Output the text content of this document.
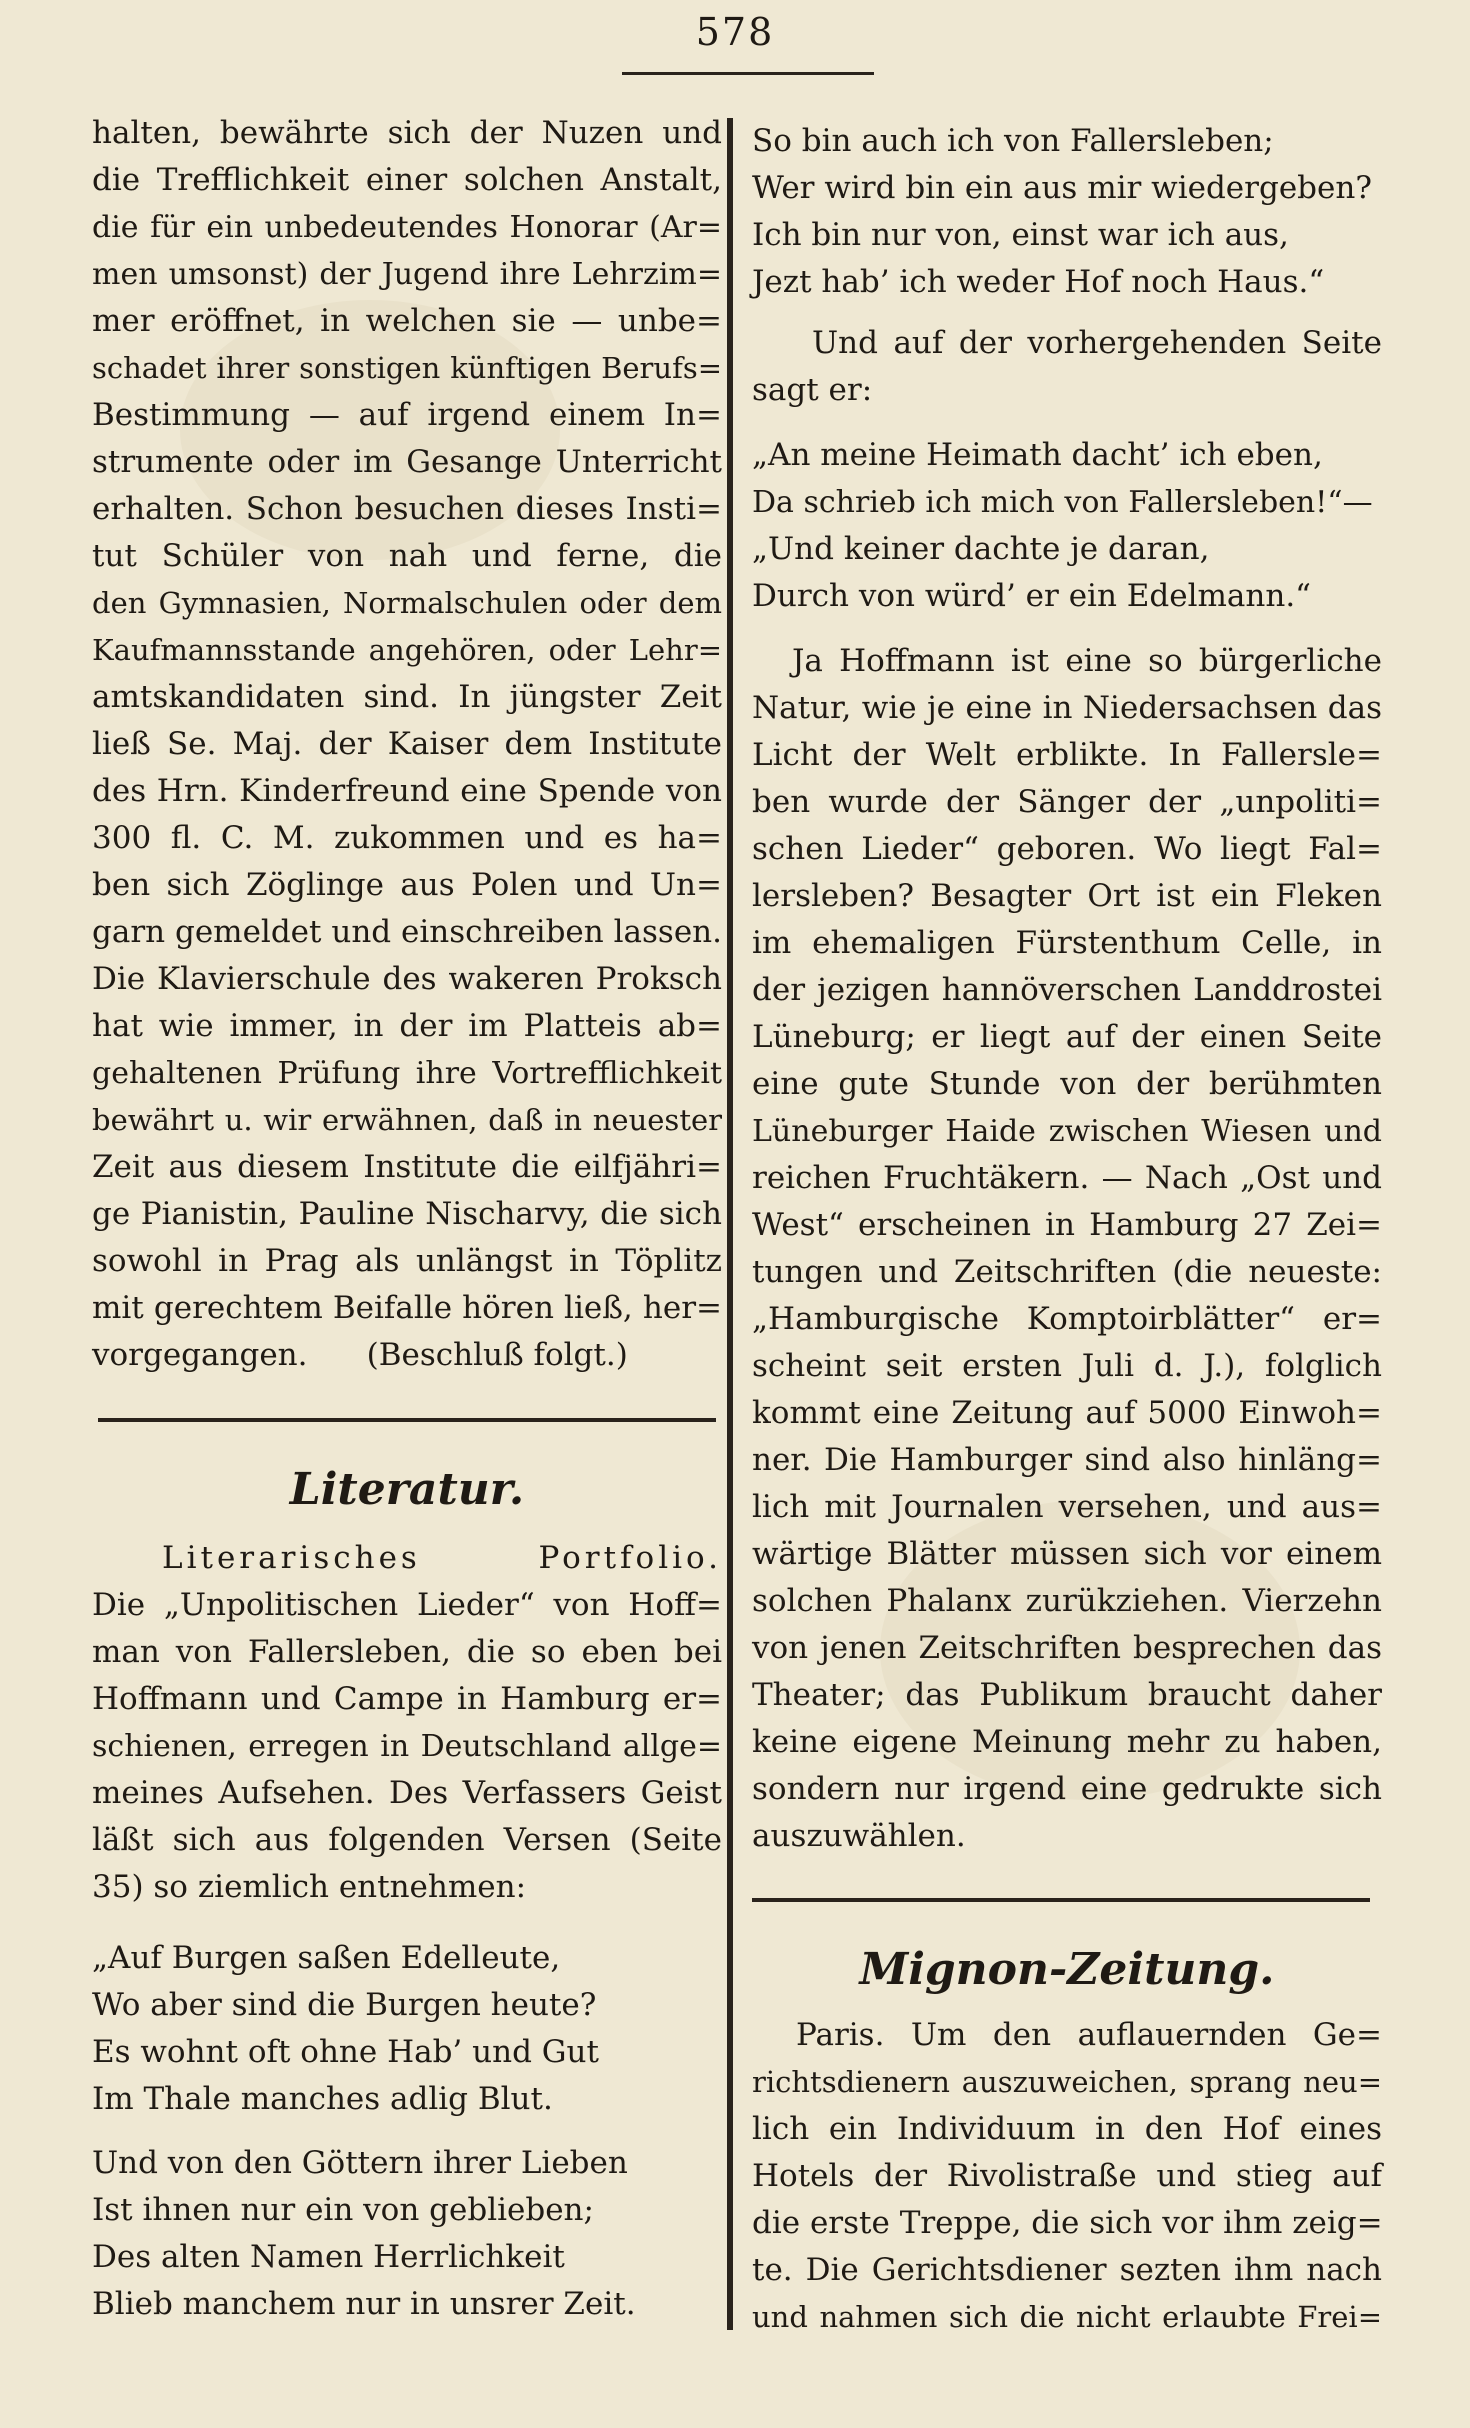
578
halten, bewährte sich der Nuzen und
die Trefflichkeit einer solchen Anstalt,
die für ein unbedeutendes Honorar (Ar=
men umsonst) der Jugend ihre Lehrzim=
mer eröffnet, in welchen sie — unbe=
schadet ihrer sonstigen künftigen Berufs=
Bestimmung — auf irgend einem In=
strumente oder im Gesange Unterricht
erhalten. Schon besuchen dieses Insti=
tut Schüler von nah und ferne, die
den Gymnasien, Normalschulen oder dem
Kaufmannsstande angehören, oder Lehr=
amtskandidaten sind. In jüngster Zeit
ließ Se. Maj. der Kaiser dem Institute
des Hrn. Kinderfreund eine Spende von
300 fl. C. M. zukommen und es ha=
ben sich Zöglinge aus Polen und Un=
garn gemeldet und einschreiben lassen.
Die Klavierschule des wakeren Proksch
hat wie immer, in der im Platteis ab=
gehaltenen Prüfung ihre Vortrefflichkeit
bewährt u. wir erwähnen, daß in neuester
Zeit aus diesem Institute die eilfjähri=
ge Pianistin, Pauline Nischarvy, die sich
sowohl in Prag als unlängst in Töplitz
mit gerechtem Beifalle hören ließ, her=
vorgegangen.      (Beschluß folgt.)
Literatur.
Literarisches Portfolio.
Die „Unpolitischen Lieder“ von Hoff=
man von Fallersleben, die so eben bei
Hoffmann und Campe in Hamburg er=
schienen, erregen in Deutschland allge=
meines Aufsehen. Des Verfassers Geist
läßt sich aus folgenden Versen (Seite
35) so ziemlich entnehmen:
„Auf Burgen saßen Edelleute,
Wo aber sind die Burgen heute?
Es wohnt oft ohne Hab’ und Gut
Im Thale manches adlig Blut.
Und von den Göttern ihrer Lieben
Ist ihnen nur ein von geblieben;
Des alten Namen Herrlichkeit
Blieb manchem nur in unsrer Zeit.
So bin auch ich von Fallersleben;
Wer wird bin ein aus mir wiedergeben?
Ich bin nur von, einst war ich aus,
Jezt hab’ ich weder Hof noch Haus.“
Und auf der vorhergehenden Seite
sagt er:
„An meine Heimath dacht’ ich eben,
Da schrieb ich mich von Fallersleben!“—
„Und keiner dachte je daran,
Durch von würd’ er ein Edelmann.“
Ja Hoffmann ist eine so bürgerliche
Natur, wie je eine in Niedersachsen das
Licht der Welt erblikte. In Fallersle=
ben wurde der Sänger der „unpoliti=
schen Lieder“ geboren. Wo liegt Fal=
lersleben? Besagter Ort ist ein Fleken
im ehemaligen Fürstenthum Celle, in
der jezigen hannöverschen Landdrostei
Lüneburg; er liegt auf der einen Seite
eine gute Stunde von der berühmten
Lüneburger Haide zwischen Wiesen und
reichen Fruchtäkern. — Nach „Ost und
West“ erscheinen in Hamburg 27 Zei=
tungen und Zeitschriften (die neueste:
„Hamburgische Komptoirblätter“ er=
scheint seit ersten Juli d. J.), folglich
kommt eine Zeitung auf 5000 Einwoh=
ner. Die Hamburger sind also hinläng=
lich mit Journalen versehen, und aus=
wärtige Blätter müssen sich vor einem
solchen Phalanx zurükziehen. Vierzehn
von jenen Zeitschriften besprechen das
Theater; das Publikum braucht daher
keine eigene Meinung mehr zu haben,
sondern nur irgend eine gedrukte sich
auszuwählen.
Mignon-Zeitung.
Paris. Um den auflauernden Ge=
richtsdienern auszuweichen, sprang neu=
lich ein Individuum in den Hof eines
Hotels der Rivolistraße und stieg auf
die erste Treppe, die sich vor ihm zeig=
te. Die Gerichtsdiener sezten ihm nach
und nahmen sich die nicht erlaubte Frei=
